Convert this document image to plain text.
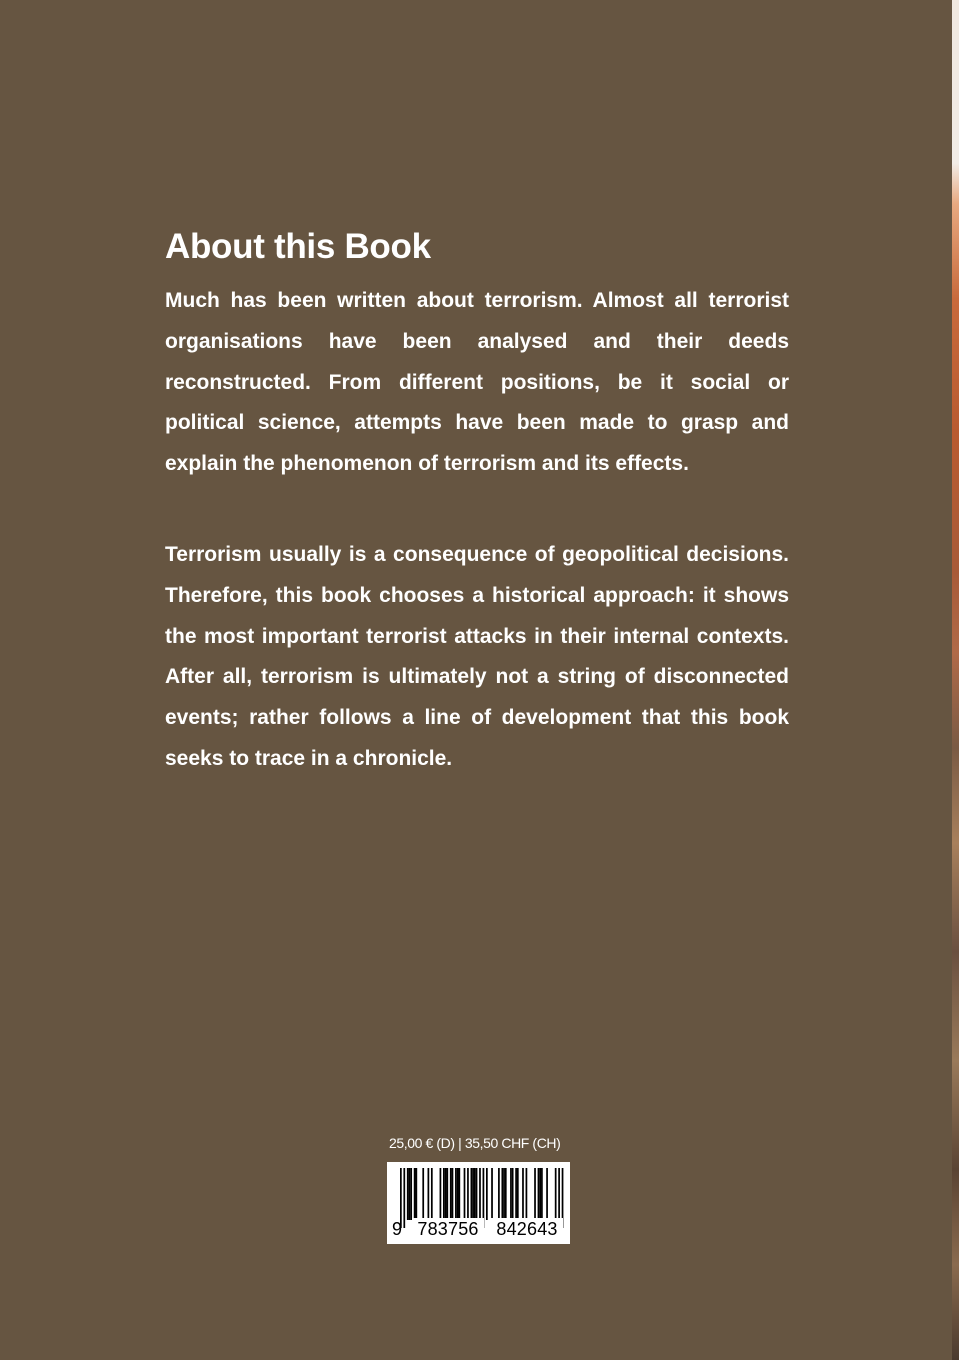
About this Book

Much has been written about terrorism. Almost all terrorist organisations have been analysed and their deeds reconstructed. From different positions, be it social or political science, attempts have been made to grasp and explain the phenomenon of terrorism and its effects.

Terrorism usually is a consequence of geopolitical decisions. Therefore, this book chooses a historical approach: it shows the most important terrorist attacks in their internal contexts. After all, terrorism is ultimately not a string of disconnected events; rather follows a line of development that this book seeks to trace in a chronicle.

25,00 € (D) | 35,50 CHF (CH)
9 783756 842643
